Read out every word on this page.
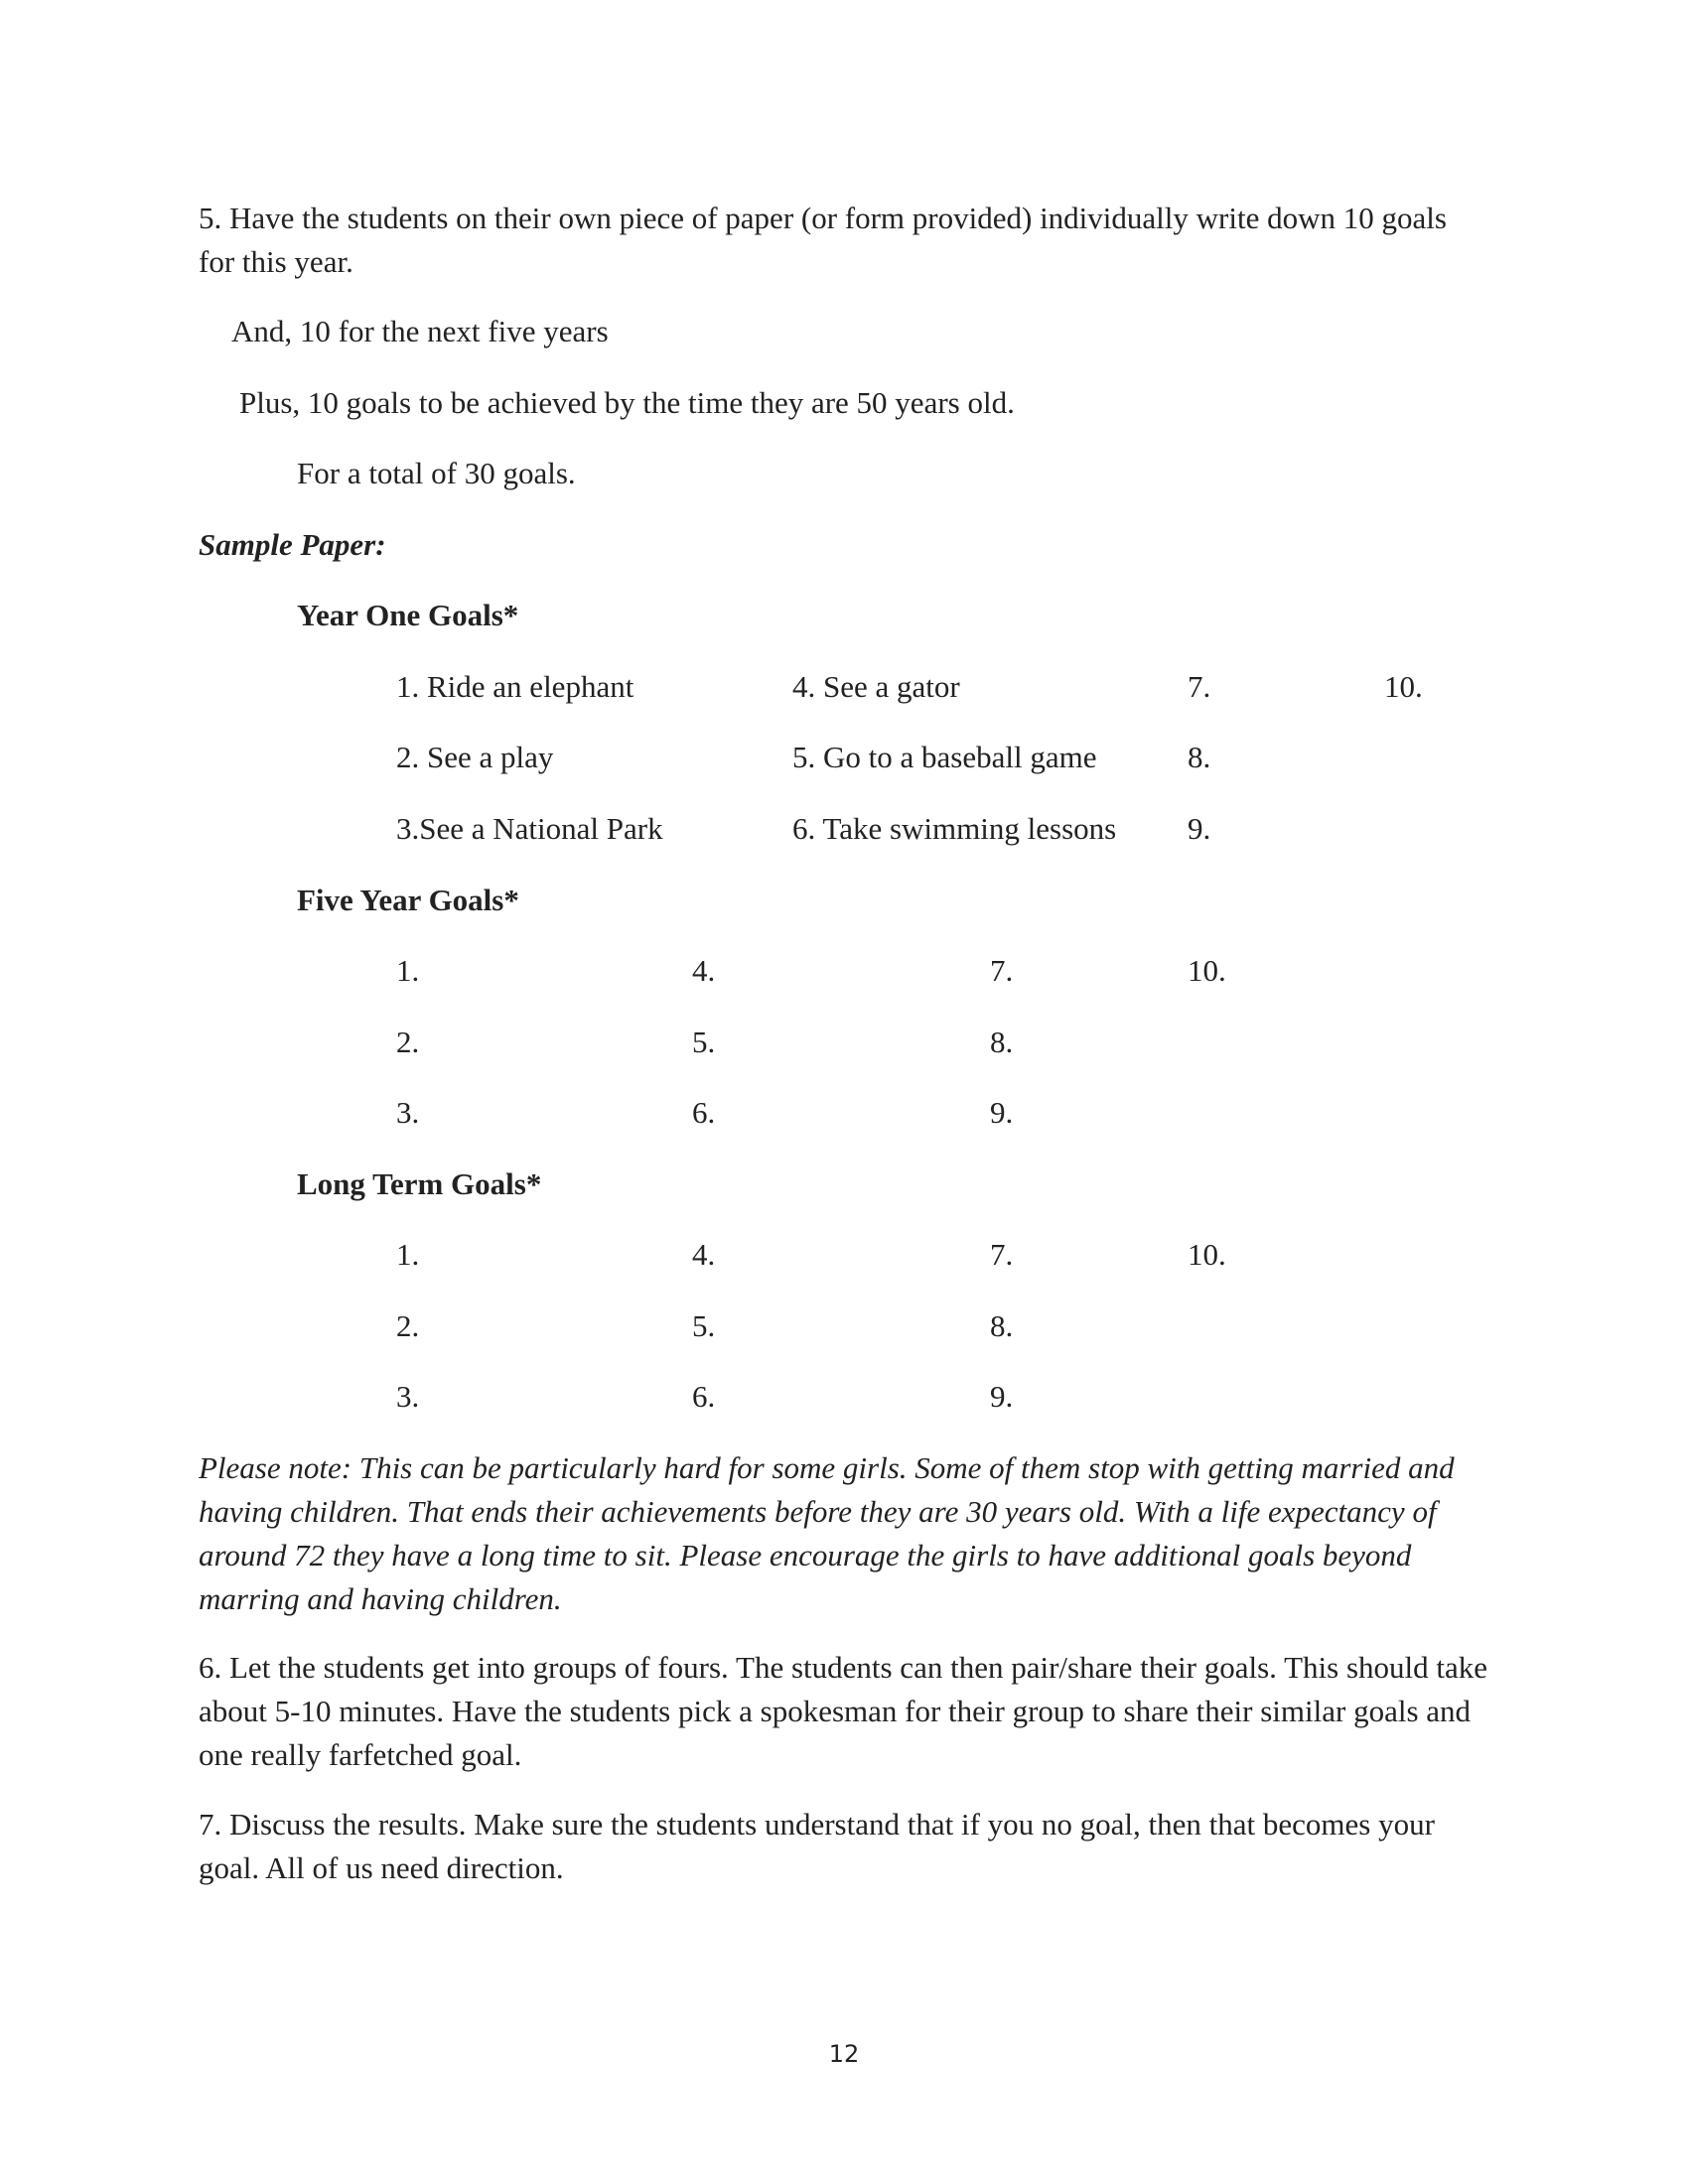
5. Have the students on their own piece of paper (or form provided) individually write down 10 goals for this year.

And, 10 for the next five years

Plus, 10 goals to be achieved by the time they are 50 years old.

For a total of 30 goals.

Sample Paper:

Year One Goals*
1. Ride an elephant	4. See a gator	7.	10.
2. See a play	5. Go to a baseball game	8.
3.See a National Park	6. Take swimming lessons 9.
Five Year Goals*
1.	4.	7.	10.
2.	5.	8.
3.	6.	9.
Long Term Goals*
1.	4.	7.	10.
2.	5.	8.
3.	6.	9.

Please note: This can be particularly hard for some girls. Some of them stop with getting married and having children. That ends their achievements before they are 30 years old. With a life expectancy of around 72 they have a long time to sit. Please encourage the girls to have additional goals beyond marring and having children.

6. Let the students get into groups of fours. The students can then pair/share their goals. This should take about 5-10 minutes. Have the students pick a spokesman for their group to share their similar goals and one really farfetched goal.

7. Discuss the results. Make sure the students understand that if you no goal, then that becomes your goal. All of us need direction.

12
